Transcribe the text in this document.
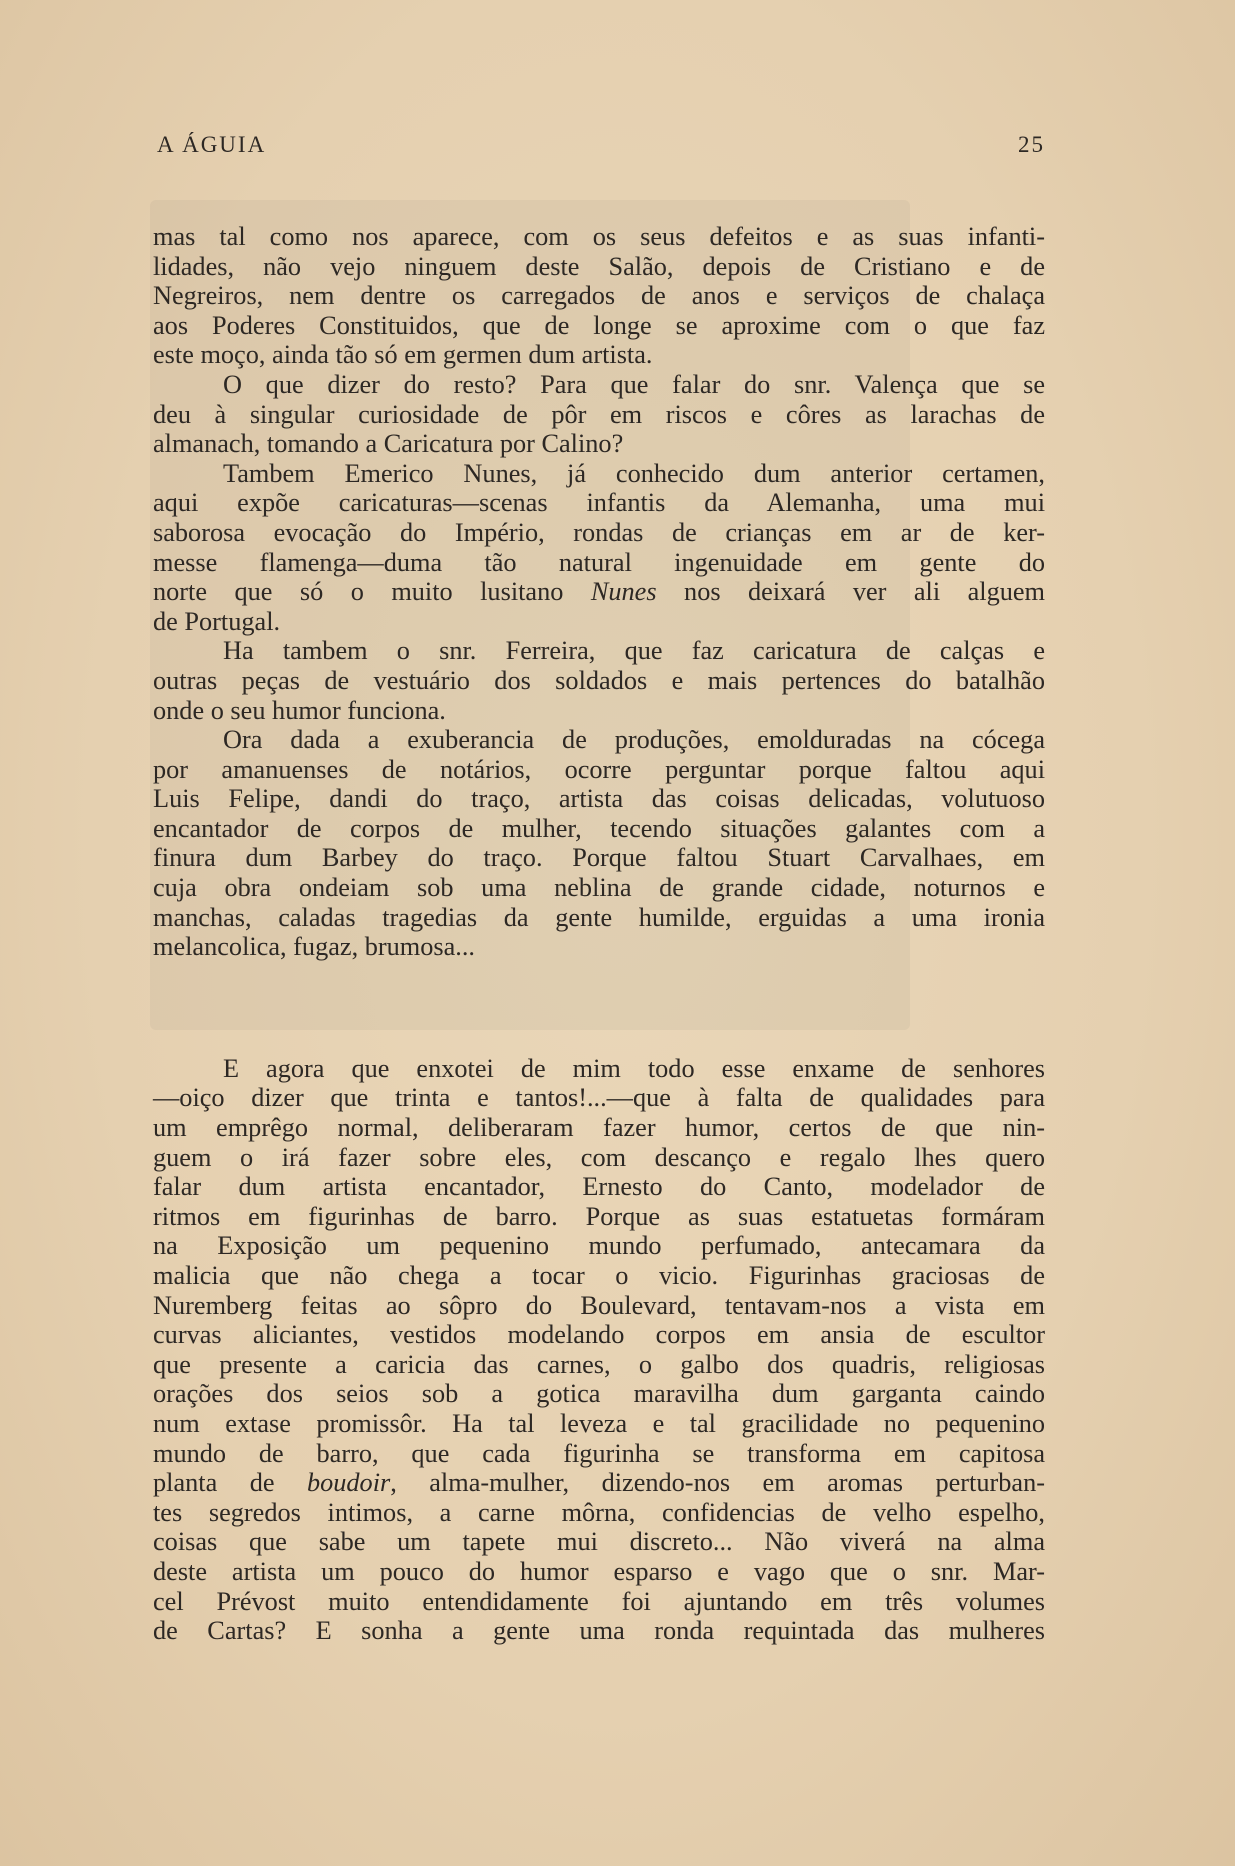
A ÁGUIA	25
mas tal como nos aparece, com os seus defeitos e as suas infanti-
lidades, não vejo ninguem deste Salão, depois de Cristiano e de
Negreiros, nem dentre os carregados de anos e serviços de chalaça
aos Poderes Constituidos, que de longe se aproxime com o que faz
este moço, ainda tão só em germen dum artista.
O que dizer do resto? Para que falar do snr. Valença que se
deu à singular curiosidade de pôr em riscos e côres as larachas de
almanach, tomando a Caricatura por Calino?
Tambem Emerico Nunes, já conhecido dum anterior certamen,
aqui expõe caricaturas—scenas infantis da Alemanha, uma mui
saborosa evocação do Império, rondas de crianças em ar de ker-
messe flamenga—duma tão natural ingenuidade em gente do
norte que só o muito lusitano Nunes nos deixará ver ali alguem
de Portugal.
Ha tambem o snr. Ferreira, que faz caricatura de calças e
outras peças de vestuário dos soldados e mais pertences do batalhão
onde o seu humor funciona.
Ora dada a exuberancia de produções, emolduradas na cócega
por amanuenses de notários, ocorre perguntar porque faltou aqui
Luis Felipe, dandi do traço, artista das coisas delicadas, volutuoso
encantador de corpos de mulher, tecendo situações galantes com a
finura dum Barbey do traço. Porque faltou Stuart Carvalhaes, em
cuja obra ondeiam sob uma neblina de grande cidade, noturnos e
manchas, caladas tragedias da gente humilde, erguidas a uma ironia
melancolica, fugaz, brumosa...
E agora que enxotei de mim todo esse enxame de senhores
—oiço dizer que trinta e tantos!...—que à falta de qualidades para
um emprêgo normal, deliberaram fazer humor, certos de que nin-
guem o irá fazer sobre eles, com descanço e regalo lhes quero
falar dum artista encantador, Ernesto do Canto, modelador de
ritmos em figurinhas de barro. Porque as suas estatuetas formáram
na Exposição um pequenino mundo perfumado, antecamara da
malicia que não chega a tocar o vicio. Figurinhas graciosas de
Nuremberg feitas ao sôpro do Boulevard, tentavam-nos a vista em
curvas aliciantes, vestidos modelando corpos em ansia de escultor
que presente a caricia das carnes, o galbo dos quadris, religiosas
orações dos seios sob a gotica maravilha dum garganta caindo
num extase promissôr. Ha tal leveza e tal gracilidade no pequenino
mundo de barro, que cada figurinha se transforma em capitosa
planta de boudoir, alma-mulher, dizendo-nos em aromas perturban-
tes segredos intimos, a carne môrna, confidencias de velho espelho,
coisas que sabe um tapete mui discreto... Não viverá na alma
deste artista um pouco do humor esparso e vago que o snr. Mar-
cel Prévost muito entendidamente foi ajuntando em três volumes
de Cartas? E sonha a gente uma ronda requintada das mulheres
